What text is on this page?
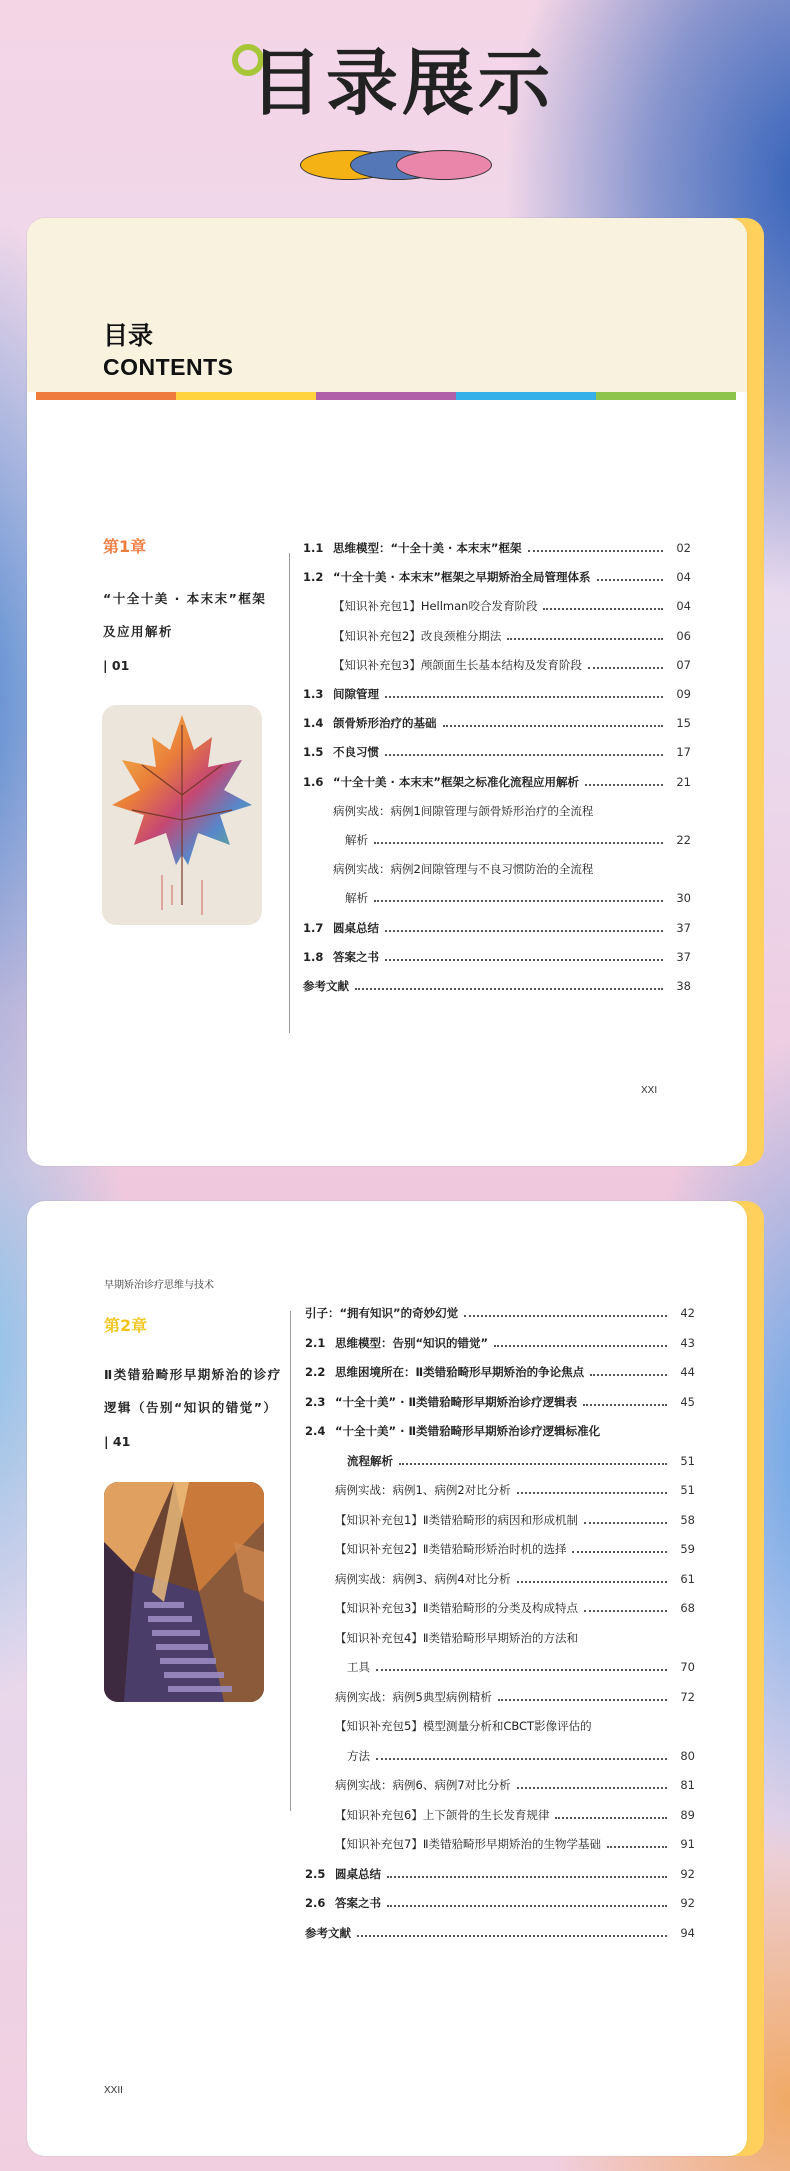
目录展示
目录
CONTENTS
第1章
“十全十美 · 本末末”框架
及应用解析
| 01
1.1 思维模型：“十全十美 · 本末末”框架	02
1.2 “十全十美 · 本末末”框架之早期矫治全局管理体系	04
【知识补充包1】Hellman咬合发育阶段	04
【知识补充包2】改良颈椎分期法	06
【知识补充包3】颅颌面生长基本结构及发育阶段	07
1.3 间隙管理	09
1.4 颌骨矫形治疗的基础	15
1.5 不良习惯	17
1.6 “十全十美 · 本末末”框架之标准化流程应用解析	21
病例实战：病例1间隙管理与颌骨矫形治疗的全流程
解析	22
病例实战：病例2间隙管理与不良习惯防治的全流程
解析	30
1.7 圆桌总结	37
1.8 答案之书	37
参考文献	38
XXI
早期矫治诊疗思维与技术
第2章
Ⅱ类错𬌗畸形早期矫治的诊疗
逻辑（告别“知识的错觉”）
| 41
引子：“拥有知识”的奇妙幻觉	42
2.1 思维模型：告别“知识的错觉”	43
2.2 思维困境所在：Ⅱ类错𬌗畸形早期矫治的争论焦点	44
2.3 “十全十美” · Ⅱ类错𬌗畸形早期矫治诊疗逻辑表	45
2.4 “十全十美” · Ⅱ类错𬌗畸形早期矫治诊疗逻辑标准化
流程解析	51
病例实战：病例1、病例2对比分析	51
【知识补充包1】Ⅱ类错𬌗畸形的病因和形成机制	58
【知识补充包2】Ⅱ类错𬌗畸形矫治时机的选择	59
病例实战：病例3、病例4对比分析	61
【知识补充包3】Ⅱ类错𬌗畸形的分类及构成特点	68
【知识补充包4】Ⅱ类错𬌗畸形早期矫治的方法和
工具	70
病例实战：病例5典型病例精析	72
【知识补充包5】模型测量分析和CBCT影像评估的
方法	80
病例实战：病例6、病例7对比分析	81
【知识补充包6】上下颌骨的生长发育规律	89
【知识补充包7】Ⅱ类错𬌗畸形早期矫治的生物学基础	91
2.5 圆桌总结	92
2.6 答案之书	92
参考文献	94
XXII
